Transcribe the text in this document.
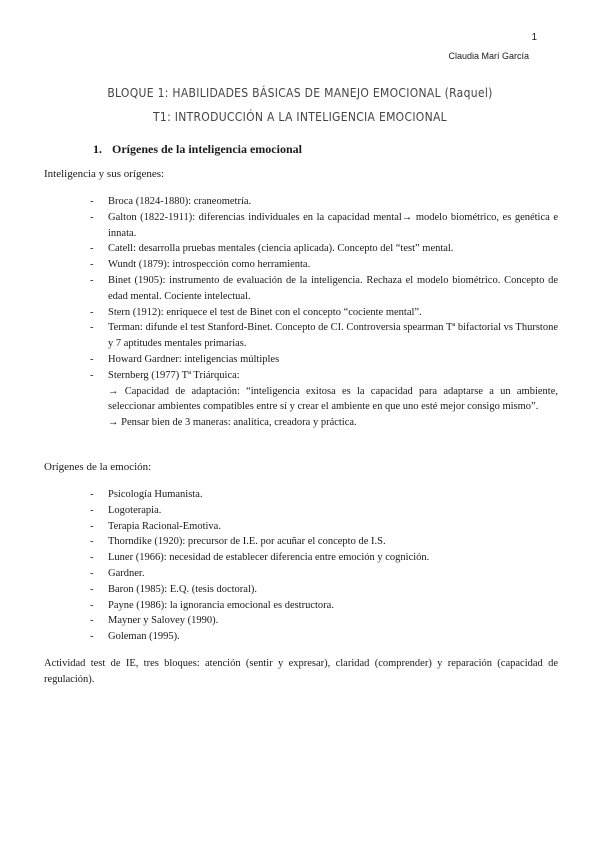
1
Claudia Marí García
BLOQUE 1: HABILIDADES BÁSICAS DE MANEJO EMOCIONAL (Raquel)
T1: INTRODUCCIÓN A LA INTELIGENCIA EMOCIONAL
1. Orígenes de la inteligencia emocional
Inteligencia y sus orígenes:
- Broca (1824-1880): craneometría.
- Galton (1822-1911): diferencias individuales en la capacidad mental→ modelo biométrico, es genética e innata.
- Catell: desarrolla pruebas mentales (ciencia aplicada). Concepto del “test” mental.
- Wundt (1879): introspección como herramienta.
- Binet (1905): instrumento de evaluación de la inteligencia. Rechaza el modelo biométrico. Concepto de edad mental. Cociente intelectual.
- Stern (1912): enriquece el test de Binet con el concepto “cociente mental”.
- Terman: difunde el test Stanford-Binet. Concepto de CI. Controversia spearman Tª bifactorial vs Thurstone y 7 aptitudes mentales primarias.
- Howard Gardner: inteligencias múltiples
- Sternberg (1977) Tª Triárquica:
→ Capacidad de adaptación: “inteligencia exitosa es la capacidad para adaptarse a un ambiente, seleccionar ambientes compatibles entre sí y crear el ambiente en que uno esté mejor consigo mismo”.
→ Pensar bien de 3 maneras: analítica, creadora y práctica.
Orígenes de la emoción:
- Psicología Humanista.
- Logoterapia.
- Terapia Racional-Emotiva.
- Thorndike (1920): precursor de I.E. por acuñar el concepto de I.S.
- Luner (1966): necesidad de establecer diferencia entre emoción y cognición.
- Gardner.
- Baron (1985): E.Q. (tesis doctoral).
- Payne (1986): la ignorancia emocional es destructora.
- Mayner y Salovey (1990).
- Goleman (1995).
Actividad test de IE, tres bloques: atención (sentir y expresar), claridad (comprender) y reparación (capacidad de regulación).
